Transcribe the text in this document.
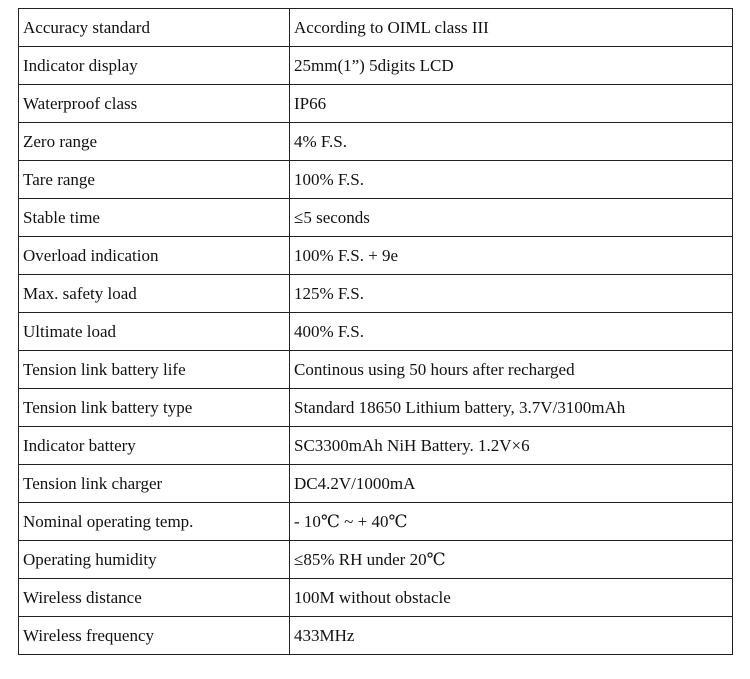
Accuracy standard	According to OIML class III
Indicator display	25mm(1”) 5digits LCD
Waterproof class	IP66
Zero range	4% F.S.
Tare range	100% F.S.
Stable time	≤5 seconds
Overload indication	100% F.S. + 9e
Max. safety load	125% F.S.
Ultimate load	400% F.S.
Tension link battery life	Continous using 50 hours after recharged
Tension link battery type	Standard 18650 Lithium battery, 3.7V/3100mAh
Indicator battery	SC3300mAh NiH Battery. 1.2V×6
Tension link charger	DC4.2V/1000mA
Nominal operating temp.	- 10℃ ~ + 40℃
Operating humidity	≤85% RH under 20℃
Wireless distance	100M without obstacle
Wireless frequency	433MHz
